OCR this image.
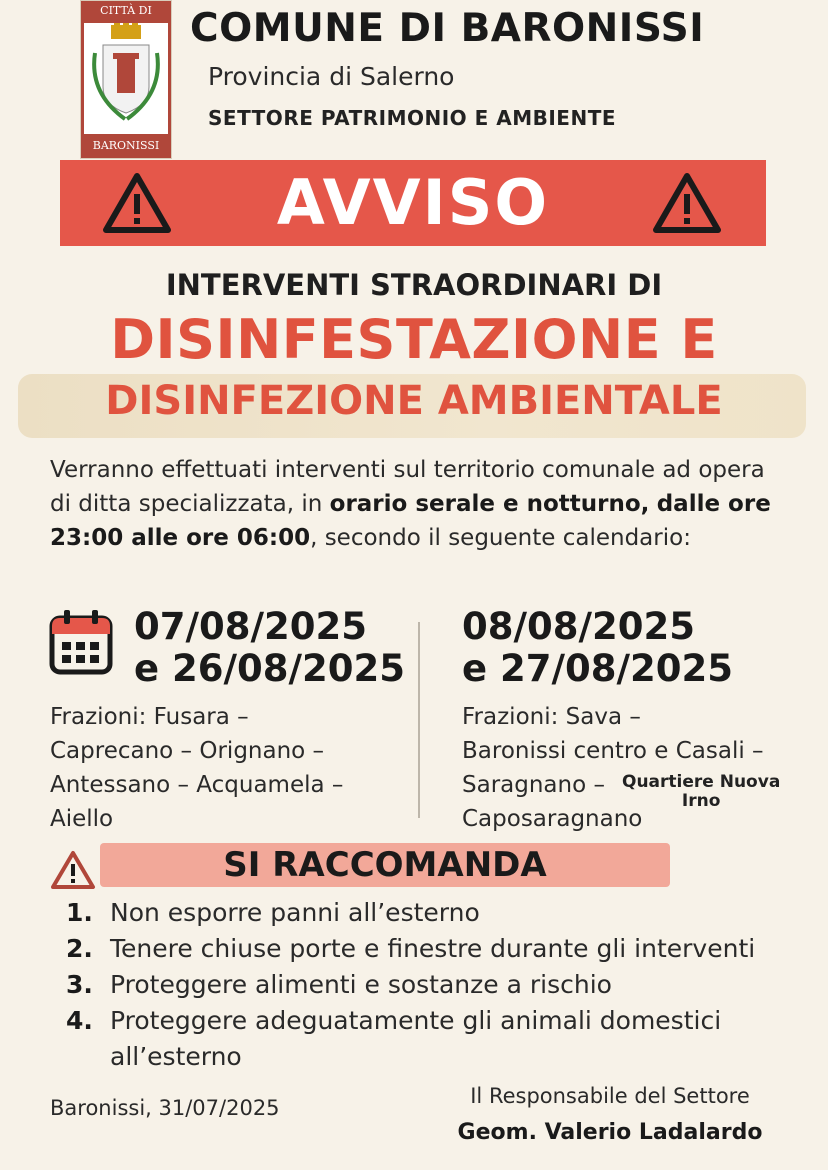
CITTÀ DI
BARONISSI
COMUNE DI BARONISSI
Provincia di Salerno
SETTORE PATRIMONIO E AMBIENTE
AVVISO
INTERVENTI STRAORDINARI DI
DISINFESTAZIONE E
DISINFEZIONE AMBIENTALE
Verranno effettuati interventi sul territorio comunale ad opera di ditta specializzata, in orario serale e notturno, dalle ore 23:00 alle ore 06:00, secondo il seguente calendario:
07/08/2025
e 26/08/2025
Frazioni: Fusara –
Caprecano – Orignano –
Antessano – Acquamela –
Aiello
08/08/2025
e 27/08/2025
Frazioni: Sava –
Baronissi centro e Casali –
Saragnano –
Caposaragnano
Quartiere Nuova
Irno
SI RACCOMANDA
1. Non esporre panni all’esterno
2. Tenere chiuse porte e finestre durante gli interventi
3. Proteggere alimenti e sostanze a rischio
4. Proteggere adeguatamente gli animali domestici all’esterno
Baronissi, 31/07/2025	Il Responsabile del Settore
Geom. Valerio Ladalardo
